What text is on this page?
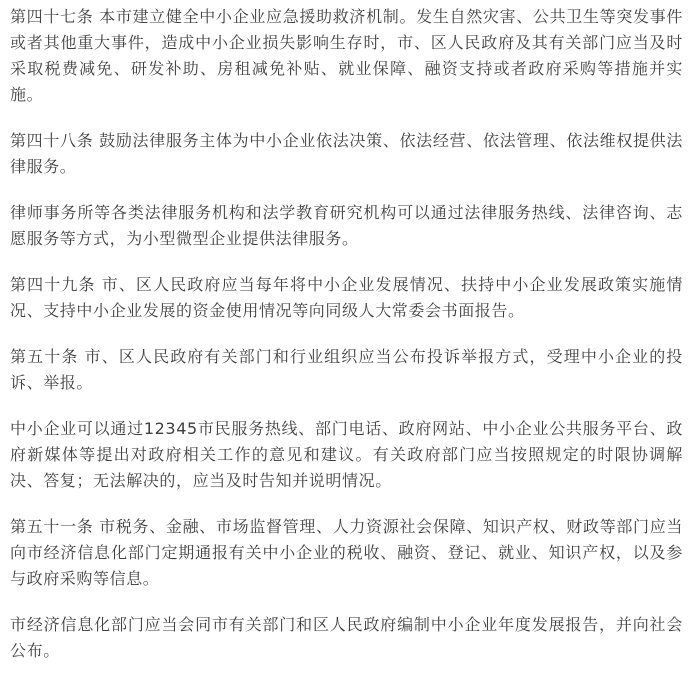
第四十七条 本市建立健全中小企业应急援助救济机制。发生自然灾害、公共卫生等突发事件或者其他重大事件，造成中小企业损失影响生存时，市、区人民政府及其有关部门应当及时采取税费减免、研发补助、房租减免补贴、就业保障、融资支持或者政府采购等措施并实施。

第四十八条 鼓励法律服务主体为中小企业依法决策、依法经营、依法管理、依法维权提供法律服务。

律师事务所等各类法律服务机构和法学教育研究机构可以通过法律服务热线、法律咨询、志愿服务等方式，为小型微型企业提供法律服务。

第四十九条 市、区人民政府应当每年将中小企业发展情况、扶持中小企业发展政策实施情况、支持中小企业发展的资金使用情况等向同级人大常委会书面报告。

第五十条 市、区人民政府有关部门和行业组织应当公布投诉举报方式，受理中小企业的投诉、举报。

中小企业可以通过12345市民服务热线、部门电话、政府网站、中小企业公共服务平台、政府新媒体等提出对政府相关工作的意见和建议。有关政府部门应当按照规定的时限协调解决、答复；无法解决的，应当及时告知并说明情况。

第五十一条 市税务、金融、市场监督管理、人力资源社会保障、知识产权、财政等部门应当向市经济信息化部门定期通报有关中小企业的税收、融资、登记、就业、知识产权，以及参与政府采购等信息。

市经济信息化部门应当会同市有关部门和区人民政府编制中小企业年度发展报告，并向社会公布。
